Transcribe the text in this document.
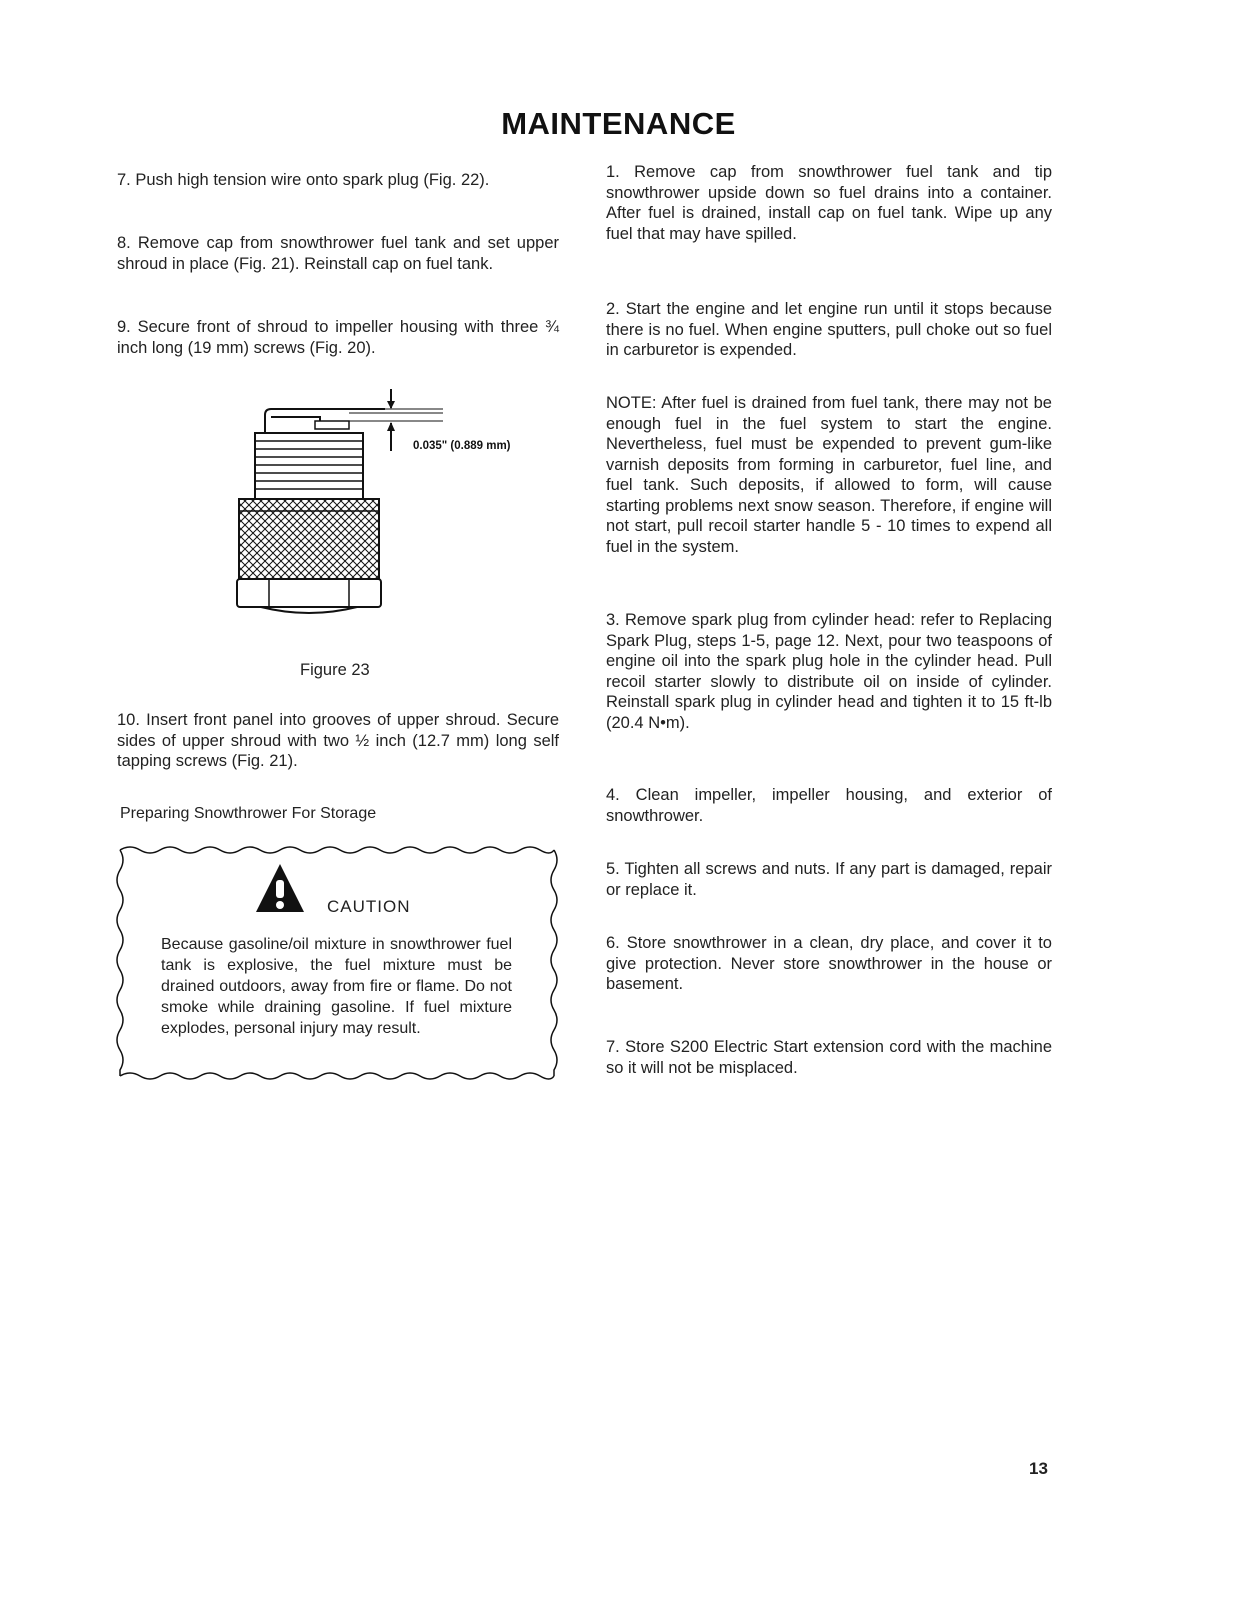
MAINTENANCE

7. Push high tension wire onto spark plug (Fig. 22).

8. Remove cap from snowthrower fuel tank and set upper shroud in place (Fig. 21). Reinstall cap on fuel tank.

9. Secure front of shroud to impeller housing with three ¾ inch long (19 mm) screws (Fig. 20).

10. Insert front panel into grooves of upper shroud. Secure sides of upper shroud with two ½ inch (12.7 mm) long self tapping screws (Fig. 21).

0.035" (0.889 mm)
Figure 23
Preparing Snowthrower For Storage
CAUTION
Because gasoline/oil mixture in snowthrower fuel tank is explosive, the fuel mixture must be drained outdoors, away from fire or flame. Do not smoke while draining gasoline. If fuel mixture explodes, personal injury may result.

1. Remove cap from snowthrower fuel tank and tip snowthrower upside down so fuel drains into a container. After fuel is drained, install cap on fuel tank. Wipe up any fuel that may have spilled.

2. Start the engine and let engine run until it stops because there is no fuel. When engine sputters, pull choke out so fuel in carburetor is expended.

NOTE: After fuel is drained from fuel tank, there may not be enough fuel in the fuel system to start the engine. Nevertheless, fuel must be expended to prevent gum-like varnish deposits from forming in carburetor, fuel line, and fuel tank. Such deposits, if allowed to form, will cause starting problems next snow season. Therefore, if engine will not start, pull recoil starter handle 5 - 10 times to expend all fuel in the system.

3. Remove spark plug from cylinder head: refer to Replacing Spark Plug, steps 1-5, page 12. Next, pour two teaspoons of engine oil into the spark plug hole in the cylinder head. Pull recoil starter slowly to distribute oil on inside of cylinder. Reinstall spark plug in cylinder head and tighten it to 15 ft-lb (20.4 N•m).

4. Clean impeller, impeller housing, and exterior of snowthrower.

5. Tighten all screws and nuts. If any part is damaged, repair or replace it.

6. Store snowthrower in a clean, dry place, and cover it to give protection. Never store snowthrower in the house or basement.

7. Store S200 Electric Start extension cord with the machine so it will not be misplaced.

13
